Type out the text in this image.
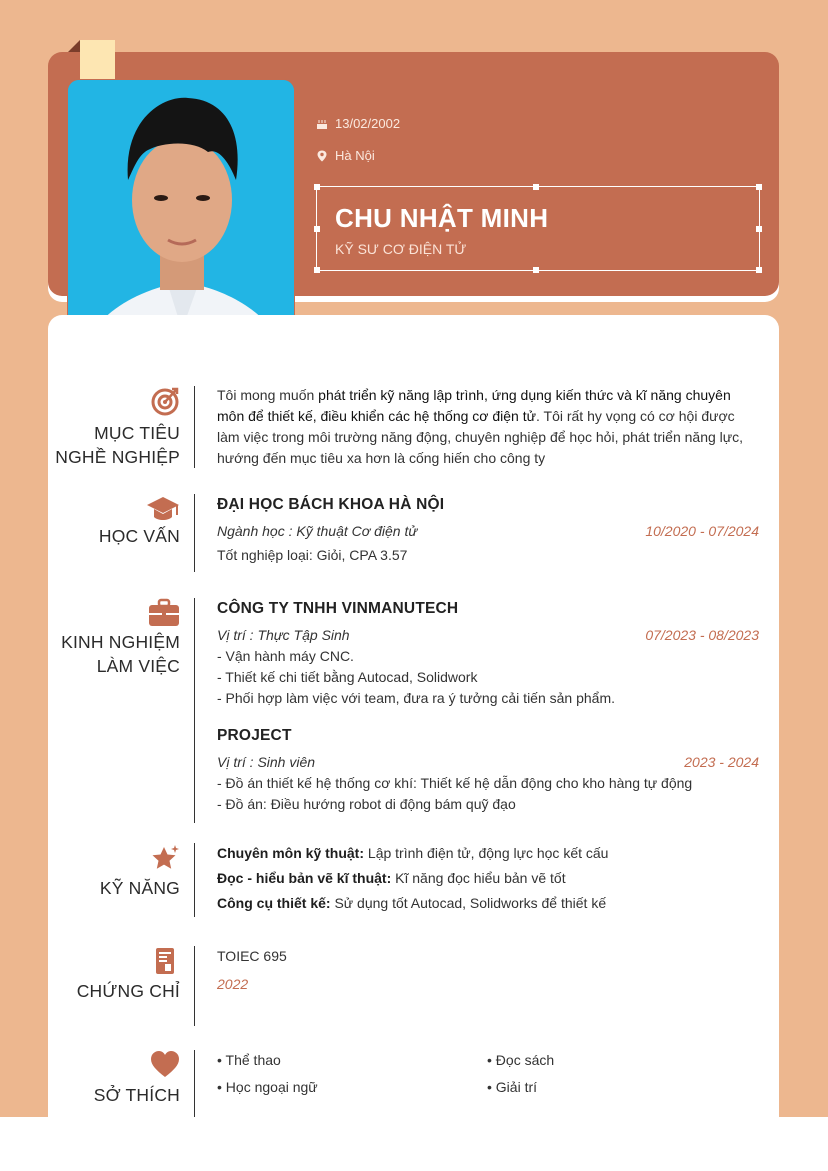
13/02/2002
Hà Nội
CHU NHẬT MINH
KỸ SƯ CƠ ĐIỆN TỬ
MỤC TIÊU
NGHỀ NGHIỆP
Tôi mong muốn phát triển kỹ năng lập trình, ứng dụng kiến thức và kĩ năng chuyên môn để thiết kế, điều khiển các hệ thống cơ điện tử. Tôi rất hy vọng có cơ hội được làm việc trong môi trường năng động, chuyên nghiệp để học hỏi, phát triển năng lực, hướng đến mục tiêu xa hơn là cống hiến cho công ty
HỌC VẤN
ĐẠI HỌC BÁCH KHOA HÀ NỘI
Ngành học : Kỹ thuật Cơ điện tử	10/2020 - 07/2024
Tốt nghiệp loại: Giỏi, CPA 3.57
KINH NGHIỆM
LÀM VIỆC
CÔNG TY TNHH VINMANUTECH
Vị trí : Thực Tập Sinh	07/2023 - 08/2023
- Vận hành máy CNC.
- Thiết kế chi tiết bằng Autocad, Solidwork
- Phối hợp làm việc với team, đưa ra ý tưởng cải tiến sản phẩm.
PROJECT
Vị trí : Sinh viên	2023 - 2024
- Đồ án thiết kế hệ thống cơ khí: Thiết kế hệ dẫn động cho kho hàng tự động
- Đồ án: Điều hướng robot di động bám quỹ đạo
KỸ NĂNG
Chuyên môn kỹ thuật: Lập trình điện tử, động lực học kết cấu
Đọc - hiểu bản vẽ kĩ thuật: Kĩ năng đọc hiểu bản vẽ tốt
Công cụ thiết kế: Sử dụng tốt Autocad, Solidworks để thiết kế
CHỨNG CHỈ
TOIEC 695
2022
SỞ THÍCH
• Thể thao	• Đọc sách
• Học ngoại ngữ	• Giải trí
